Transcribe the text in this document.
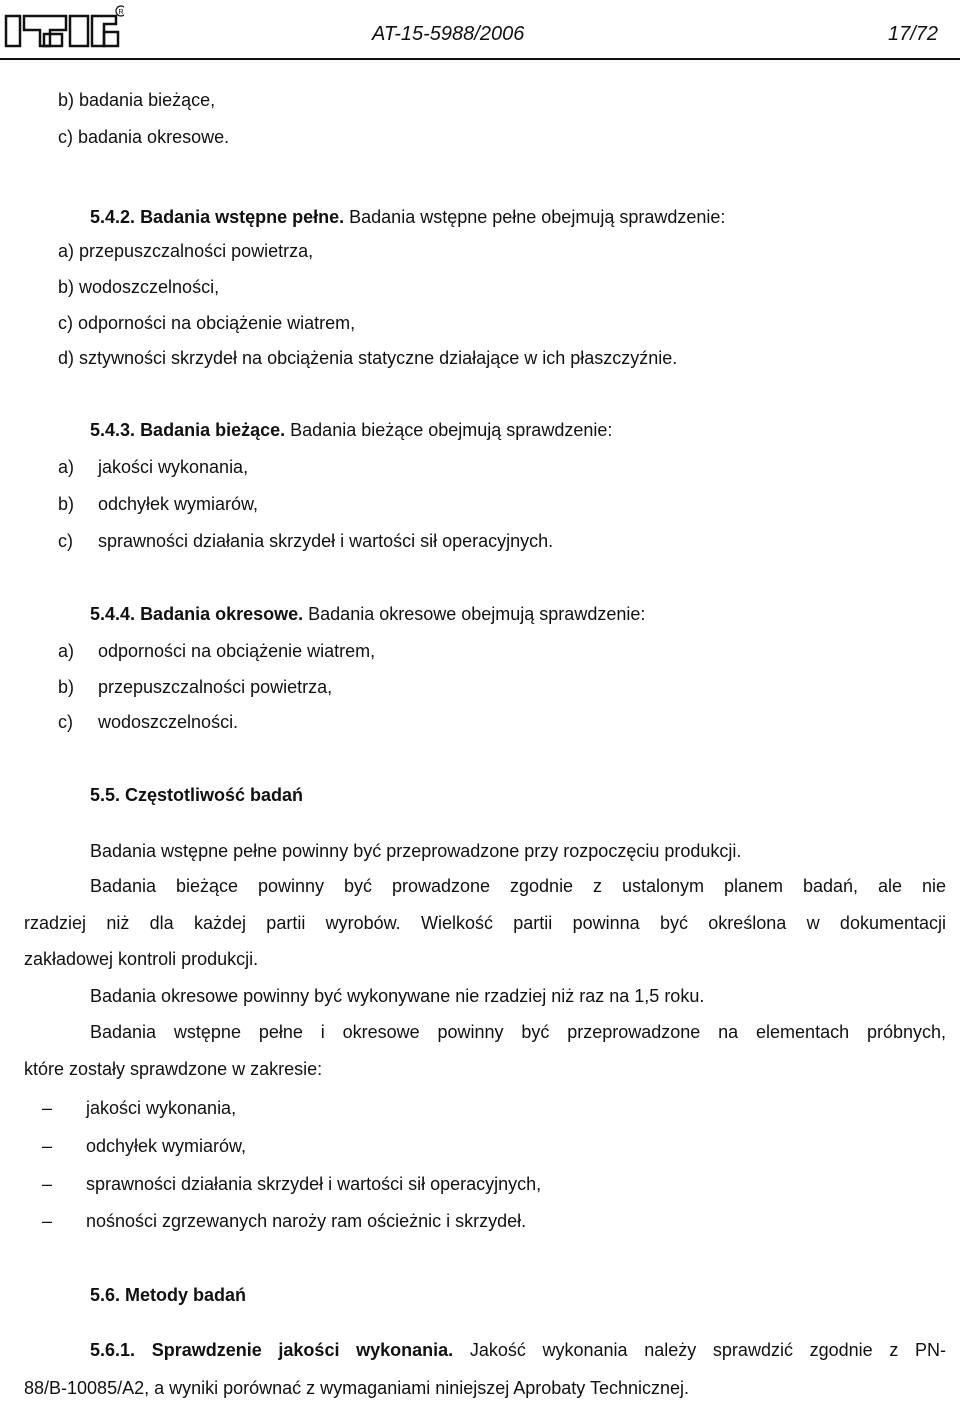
R
AT-15-5988/2006	17/72
b) badania bieżące,
c) badania okresowe.
5.4.2. Badania wstępne pełne. Badania wstępne pełne obejmują sprawdzenie:
a) przepuszczalności powietrza,
b) wodoszczelności,
c) odporności na obciążenie wiatrem,
d) sztywności skrzydeł na obciążenia statyczne działające w ich płaszczyźnie.
5.4.3. Badania bieżące. Badania bieżące obejmują sprawdzenie:
a) jakości wykonania,
b) odchyłek wymiarów,
c) sprawności działania skrzydeł i wartości sił operacyjnych.
5.4.4. Badania okresowe. Badania okresowe obejmują sprawdzenie:
a) odporności na obciążenie wiatrem,
b) przepuszczalności powietrza,
c) wodoszczelności.
5.5. Częstotliwość badań
Badania wstępne pełne powinny być przeprowadzone przy rozpoczęciu produkcji.
Badania bieżące powinny być prowadzone zgodnie z ustalonym planem badań, ale nie
rzadziej niż dla każdej partii wyrobów. Wielkość partii powinna być określona w dokumentacji
zakładowej kontroli produkcji.
Badania okresowe powinny być wykonywane nie rzadziej niż raz na 1,5 roku.
Badania wstępne pełne i okresowe powinny być przeprowadzone na elementach próbnych,
które zostały sprawdzone w zakresie:
– jakości wykonania,
– odchyłek wymiarów,
– sprawności działania skrzydeł i wartości sił operacyjnych,
– nośności zgrzewanych naroży ram ościeżnic i skrzydeł.
5.6. Metody badań
5.6.1. Sprawdzenie jakości wykonania. Jakość wykonania należy sprawdzić zgodnie z PN-
88/B-10085/A2, a wyniki porównać z wymaganiami niniejszej Aprobaty Technicznej.
